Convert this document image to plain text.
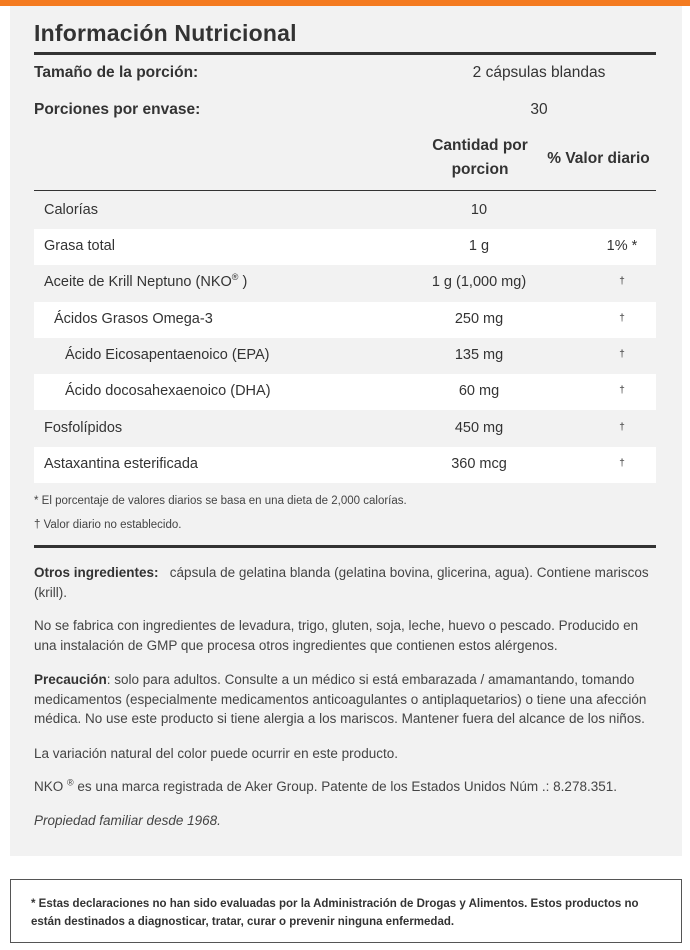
Información Nutricional
Tamaño de la porción:	2 cápsulas blandas
Porciones por envase:	30
Cantidad por
porcion
% Valor diario
Calorías	10
Grasa total	1 g	1% *
Aceite de Krill Neptuno (NKO® )	1 g (1,000 mg)	†
Ácidos Grasos Omega-3	250 mg	†
Ácido Eicosapentaenoico (EPA)	135 mg	†
Ácido docosahexaenoico (DHA)	60 mg	†
Fosfolípidos	450 mg	†
Astaxantina esterificada	360 mcg	†
* El porcentaje de valores diarios se basa en una dieta de 2,000 calorías.
† Valor diario no establecido.
Otros ingredientes: cápsula de gelatina blanda (gelatina bovina, glicerina, agua). Contiene mariscos (krill).
No se fabrica con ingredientes de levadura, trigo, gluten, soja, leche, huevo o pescado. Producido en una instalación de GMP que procesa otros ingredientes que contienen estos alérgenos.
Precaución: solo para adultos. Consulte a un médico si está embarazada / amamantando, tomando medicamentos (especialmente medicamentos anticoagulantes o antiplaquetarios) o tiene una afección médica. No use este producto si tiene alergia a los mariscos. Mantener fuera del alcance de los niños.
La variación natural del color puede ocurrir en este producto.
NKO ® es una marca registrada de Aker Group. Patente de los Estados Unidos Núm .: 8.278.351.
Propiedad familiar desde 1968.
* Estas declaraciones no han sido evaluadas por la Administración de Drogas y Alimentos. Estos productos no están destinados a diagnosticar, tratar, curar o prevenir ninguna enfermedad.
